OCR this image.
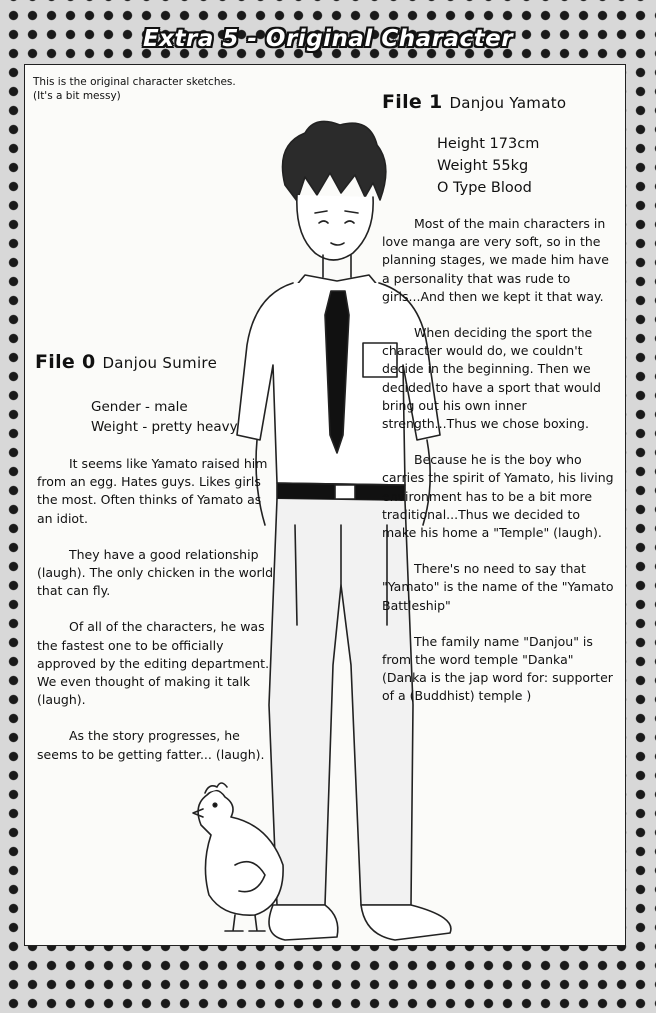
Extra 5 - Original Character
This is the original character sketches.
(It's a bit messy)	File 1 Danjou Yamato
Height 173cm
Weight 55kg
O Type Blood

Most of the main characters in love manga are very soft, so in the planning stages, we made him have a personality that was rude to girls...And then we kept it that way.

When deciding the sport the character would do, we couldn't decide in the beginning. Then we decided to have a sport that would bring out his own inner strength...Thus we chose boxing.

Because he is the boy who carries the spirit of Yamato, his living environment has to be a bit more traditional...Thus we decided to make his home a "Temple" (laugh).

There's no need to say that "Yamato" is the name of the "Yamato Battleship"

The family name "Danjou" is from the word temple "Danka" (Danka is the jap word for: supporter of a (Buddhist) temple )

File 0 Danjou Sumire
Gender - male
Weight - pretty heavy

It seems like Yamato raised him from an egg. Hates guys. Likes girls the most. Often thinks of Yamato as an idiot.

They have a good relationship (laugh). The only chicken in the world that can fly.

Of all of the characters, he was the fastest one to be officially approved by the editing department. We even thought of making it talk (laugh).

As the story progresses, he seems to be getting fatter... (laugh).
